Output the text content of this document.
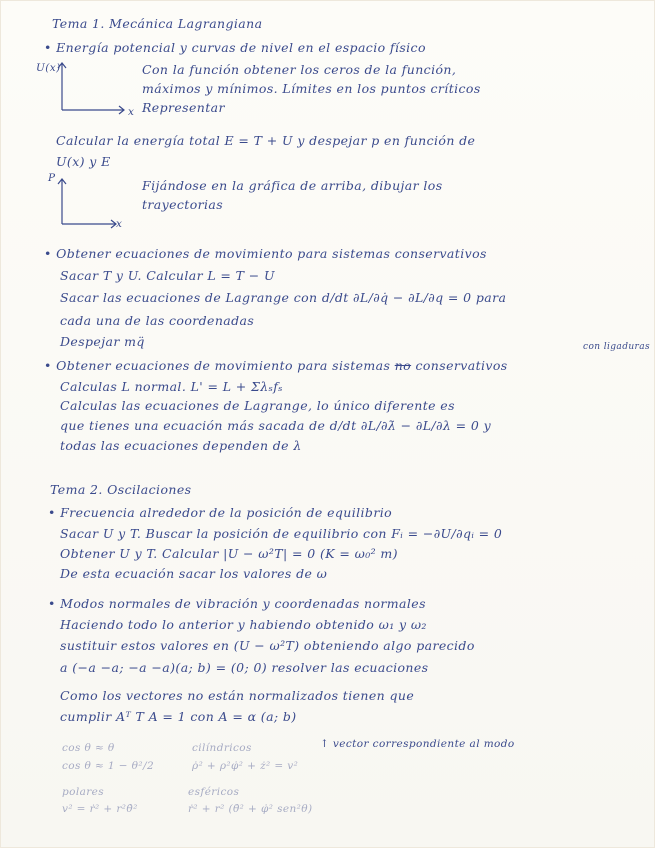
Tema 1. Mecánica Lagrangiana
• Energía potencial y curvas de nivel en el espacio físico
U(x)
x
Con la función obtener los ceros de la función,
máximos y mínimos. Límites en los puntos críticos
Representar
Calcular la energía total E = T + U y despejar p en función de
U(x) y E
P
x
Fijándose en la gráfica de arriba, dibujar los
trayectorias
• Obtener ecuaciones de movimiento para sistemas conservativos
Sacar T y U. Calcular L = T − U
Sacar las ecuaciones de Lagrange con d/dt ∂L/∂q̇ − ∂L/∂q = 0 para
cada una de las coordenadas
Despejar mq̈	con ligaduras
• Obtener ecuaciones de movimiento para sistemas no conservativos
Calculas L normal. L' = L + Σλₛfₛ
Calculas las ecuaciones de Lagrange, lo único diferente es
que tienes una ecuación más sacada de d/dt ∂L/∂λ̇ − ∂L/∂λ = 0 y
todas las ecuaciones dependen de λ
Tema 2. Oscilaciones
• Frecuencia alrededor de la posición de equilibrio
Sacar U y T. Buscar la posición de equilibrio con Fᵢ = −∂U/∂qᵢ = 0
Obtener U y T. Calcular |U − ω²T| = 0 (K = ω₀² m)
De esta ecuación sacar los valores de ω
• Modos normales de vibración y coordenadas normales
Haciendo todo lo anterior y habiendo obtenido ω₁ y ω₂
sustituir estos valores en (U − ω²T) obteniendo algo parecido
a (−a −a; −a −a)(a; b) = (0; 0) resolver las ecuaciones
Como los vectores no están normalizados tienen que
cumplir Aᵀ T A = 1 con A = α (a; b)
↑ vector correspondiente al modo
cos θ ≈ θ
cos θ ≈ 1 − θ²/2
polares
v² = ṙ² + r²θ̇²
cilíndricos
ρ̇² + ρ²φ̇² + ż² = v²
esféricos
ṙ² + r² (θ̇² + φ̇² sen²θ)
